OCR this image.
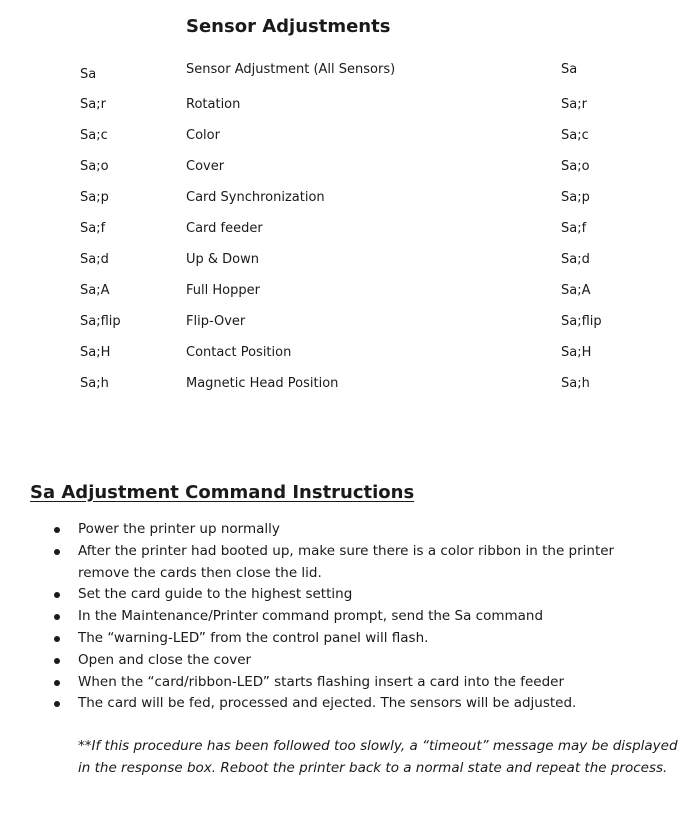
Sensor Adjustments
Sa	Sensor Adjustment (All Sensors)	Sa
Sa;r	Rotation	Sa;r
Sa;c	Color	Sa;c
Sa;o	Cover	Sa;o
Sa;p	Card Synchronization	Sa;p
Sa;f	Card feeder	Sa;f
Sa;d	Up & Down	Sa;d
Sa;A	Full Hopper	Sa;A
Sa;flip	Flip-Over	Sa;flip
Sa;H	Contact Position	Sa;H
Sa;h	Magnetic Head Position	Sa;h
Sa Adjustment Command Instructions
Power the printer up normally
After the printer had booted up, make sure there is a color ribbon in the printer remove the cards then close the lid.
Set the card guide to the highest setting
In the Maintenance/Printer command prompt, send the Sa command
The “warning-LED” from the control panel will flash.
Open and close the cover
When the “card/ribbon-LED” starts flashing insert a card into the feeder
The card will be fed, processed and ejected. The sensors will be adjusted.

**If this procedure has been followed too slowly, a “timeout” message may be displayed in the response box. Reboot the printer back to a normal state and repeat the process.
